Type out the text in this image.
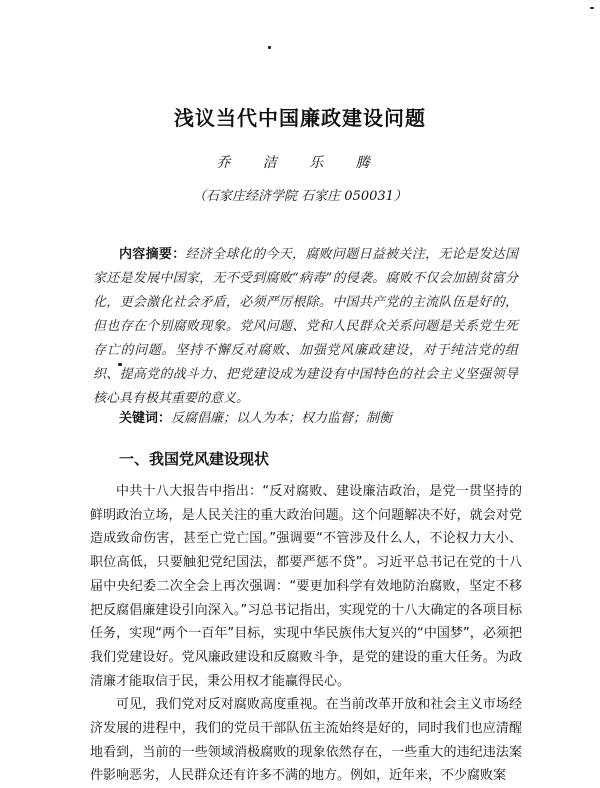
浅议当代中国廉政建设问题
乔 洁 乐 腾
（石家庄经济学院 石家庄 050031）
内容摘要：经济全球化的今天，腐败问题日益被关注，无论是发达国家还是发展中国家，无不受到腐败“病毒”的侵袭。腐败不仅会加剧贫富分化，更会激化社会矛盾，必须严厉根除。中国共产党的主流队伍是好的，但也存在个别腐败现象。党风问题、党和人民群众关系问题是关系党生死存亡的问题。坚持不懈反对腐败、加强党风廉政建设，对于纯洁党的组织、提高党的战斗力、把党建设成为建设有中国特色的社会主义坚强领导核心具有极其重要的意义。
关键词：反腐倡廉；以人为本；权力监督；制衡
一、我国党风建设现状

中共十八大报告中指出：“反对腐败、建设廉洁政治，是党一贯坚持的鲜明政治立场，是人民关注的重大政治问题。这个问题解决不好，就会对党造成致命伤害，甚至亡党亡国。”强调要“不管涉及什么人，不论权力大小、职位高低，只要触犯党纪国法，都要严惩不贷”。习近平总书记在党的十八届中央纪委二次全会上再次强调：“要更加科学有效地防治腐败，坚定不移把反腐倡廉建设引向深入。”习总书记指出，实现党的十八大确定的各项目标任务，实现“两个一百年”目标，实现中华民族伟大复兴的“中国梦”，必须把我们党建设好。党风廉政建设和反腐败斗争，是党的建设的重大任务。为政清廉才能取信于民，秉公用权才能赢得民心。

可见，我们党对反对腐败高度重视。在当前改革开放和社会主义市场经济发展的进程中，我们的党员干部队伍主流始终是好的，同时我们也应清醒地看到，当前的一些领域消极腐败的现象依然存在，一些重大的违纪违法案件影响恶劣，人民群众还有许多不满的地方。例如，近年来，不少腐败案
